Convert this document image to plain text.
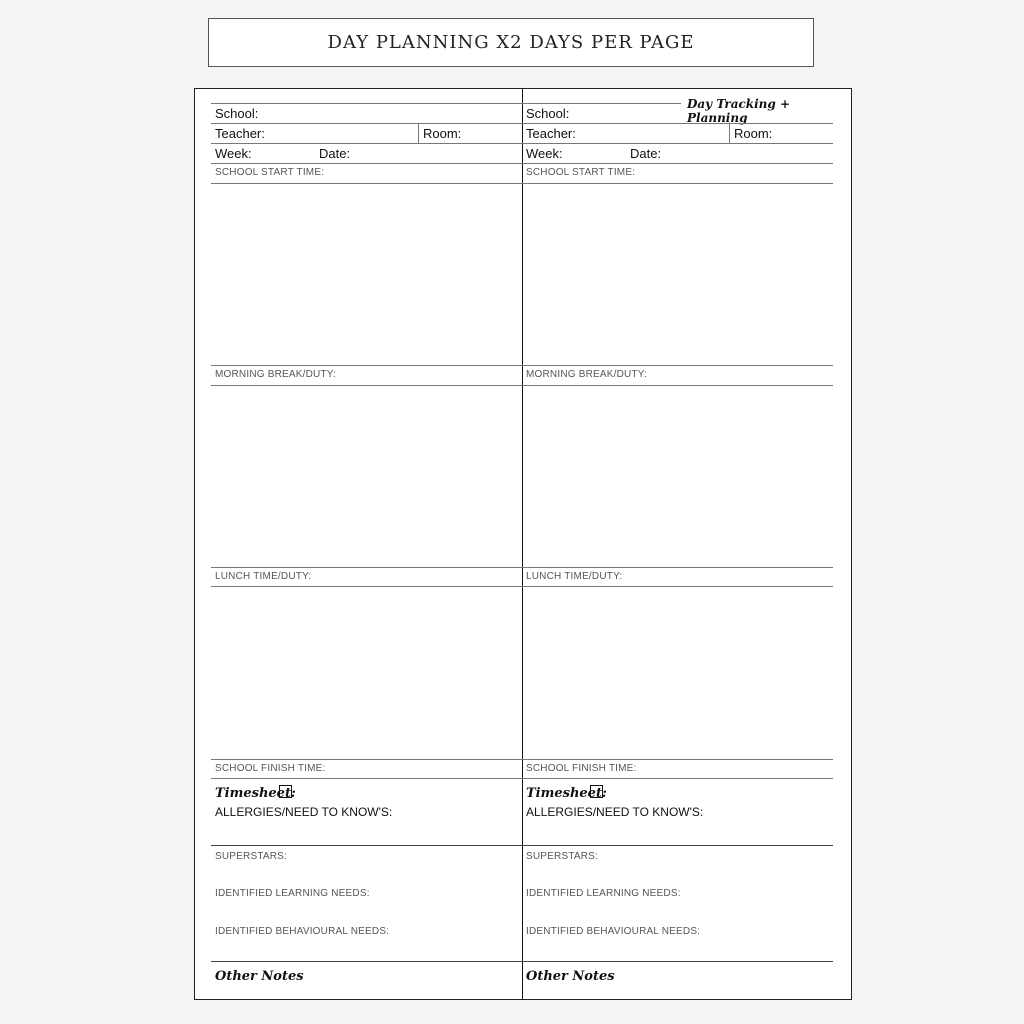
DAY PLANNING X2 DAYS PER PAGE
Day Tracking + Planning
School:
Teacher:	Room:
Week:	Date:
SCHOOL START TIME:
MORNING BREAK/DUTY:
LUNCH TIME/DUTY:
SCHOOL FINISH TIME:
Timesheet:
ALLERGIES/NEED TO KNOW'S:
SUPERSTARS:
IDENTIFIED LEARNING NEEDS:
IDENTIFIED BEHAVIOURAL NEEDS:
Other Notes
School:
Teacher:	Room:
Week:	Date:
SCHOOL START TIME:
MORNING BREAK/DUTY:
LUNCH TIME/DUTY:
SCHOOL FINISH TIME:
Timesheet:
ALLERGIES/NEED TO KNOW'S:
SUPERSTARS:
IDENTIFIED LEARNING NEEDS:
IDENTIFIED BEHAVIOURAL NEEDS:
Other Notes
